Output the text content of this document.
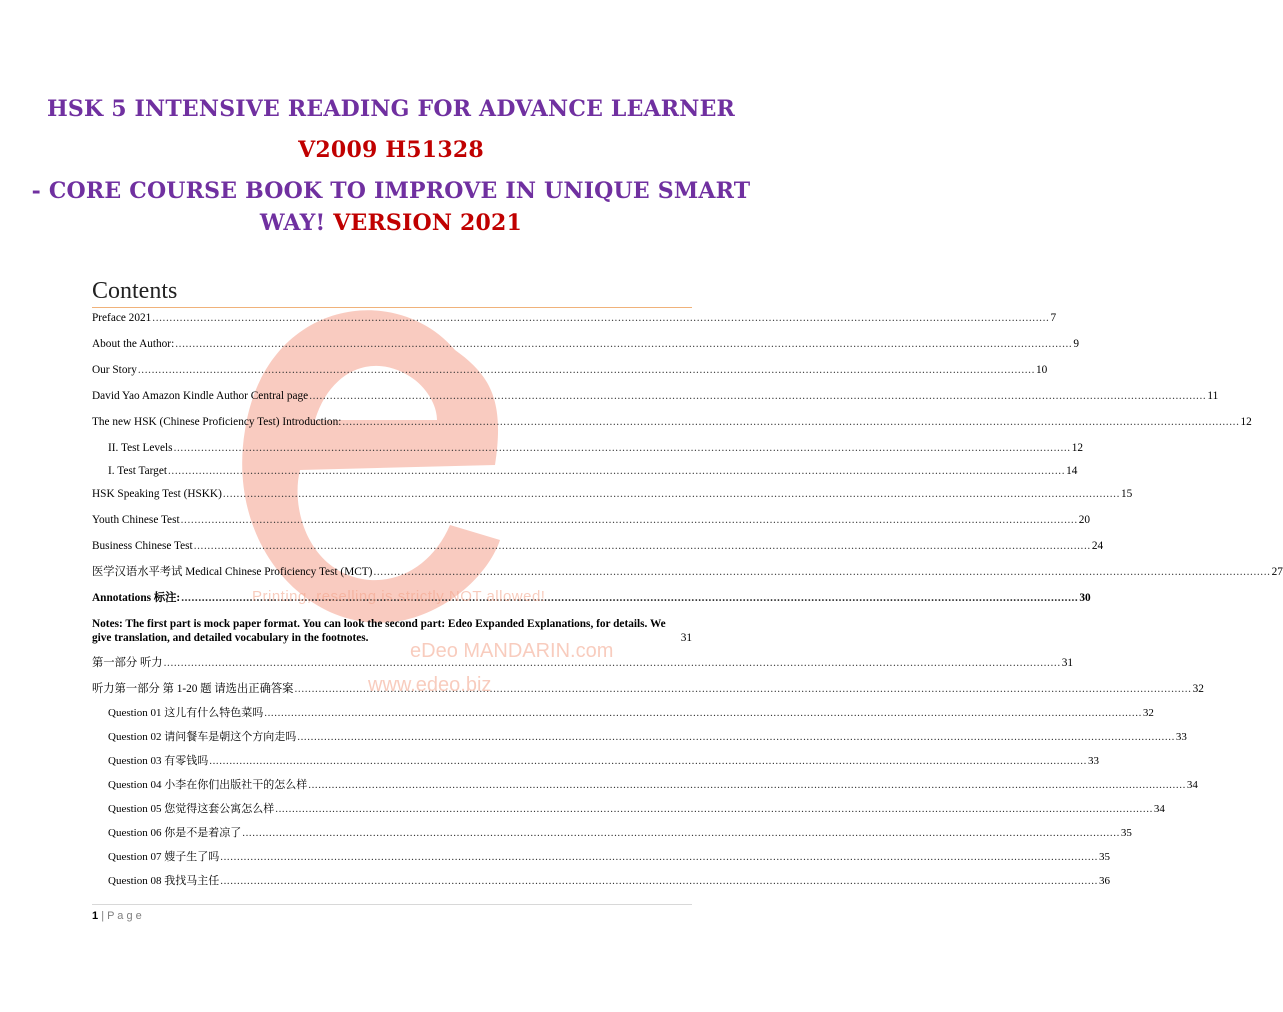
HSK 5 INTENSIVE READING FOR ADVANCE LEARNER
V2009 H51328
- CORE COURSE BOOK TO IMPROVE IN UNIQUE SMART
WAY! VERSION 2021
Contents
Preface 2021 .....	7
About the Author: .....	9
Our Story .....	10
David Yao Amazon Kindle Author Central page .....	11
The new HSK (Chinese Proficiency Test) Introduction: .....	12
II. Test Levels .....	12
I. Test Target .....	14
HSK Speaking Test (HSKK) .....	15
Youth Chinese Test .....	20
Business Chinese Test .....	24
医学汉语水平考试 Medical Chinese Proficiency Test (MCT) .....	27
Annotations 标注: .....	30
Notes: The first part is mock paper format. You can look the second part: Edeo Expanded Explanations, for details. We give translation, and detailed vocabulary in the footnotes.	31
第一部分 听力 .....	31
听力第一部分 第 1-20 题 请选出正确答案 .....	32
Question 01 这儿有什么特色菜吗 .....	32
Question 02 请问餐车是朝这个方向走吗 .....	33
Question 03 有零钱吗 .....	33
Question 04 小李在你们出版社干的怎么样 .....	34
Question 05 您觉得这套公寓怎么样 .....	34
Question 06 你是不是着凉了 .....	35
Question 07 嫂子生了吗 .....	35
Question 08 我找马主任 .....	36
Printing, reselling is strictly NOT allowed!
eDeo MANDARIN.com
www.edeo.biz
1 | P a g e
